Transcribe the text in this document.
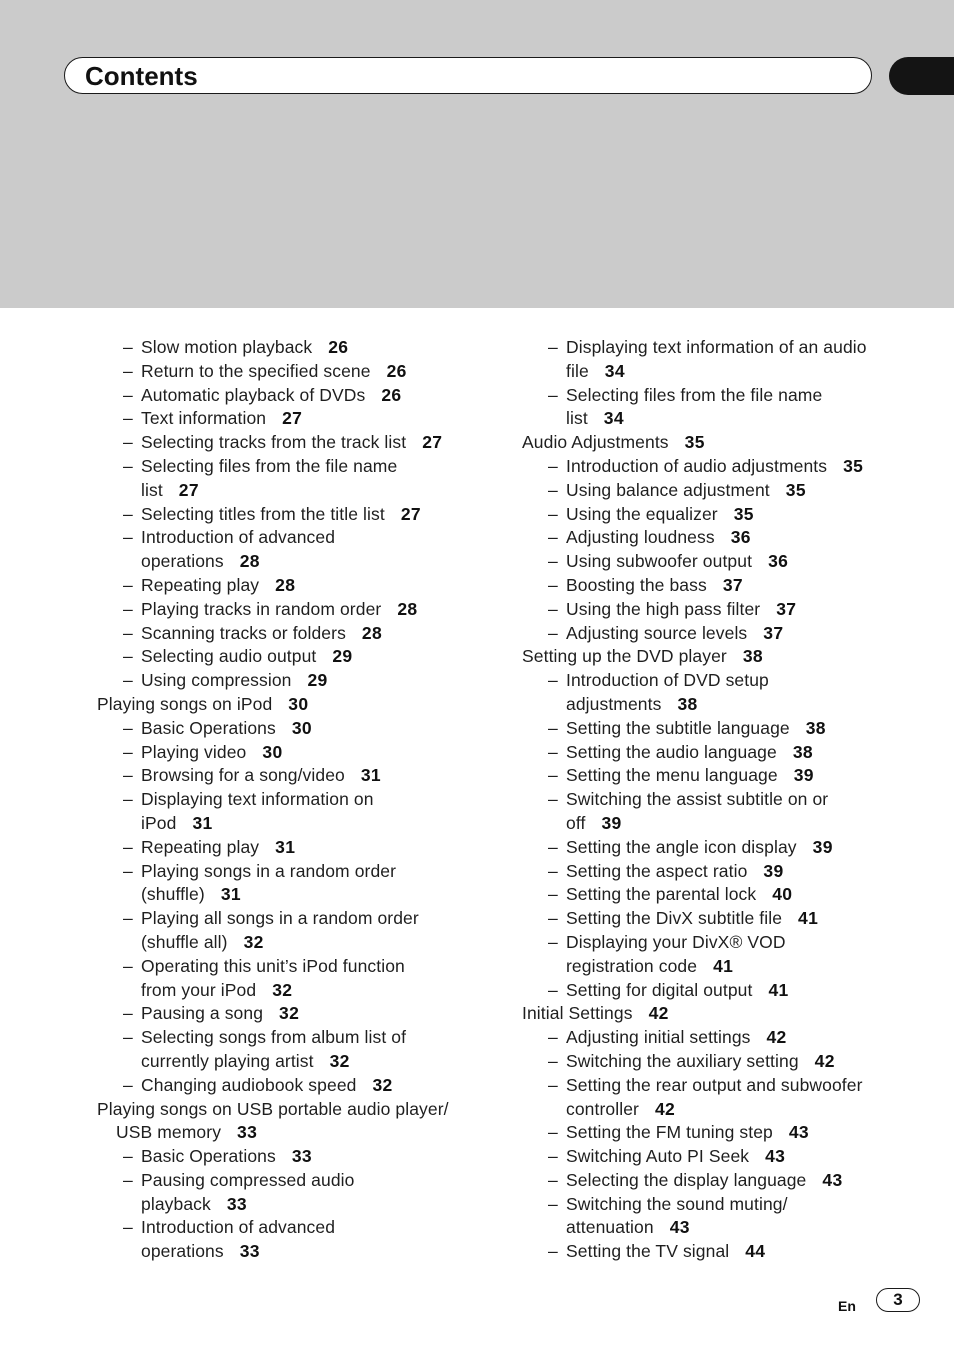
Contents
– Slow motion playback 26
– Return to the specified scene 26
– Automatic playback of DVDs 26
– Text information 27
– Selecting tracks from the track list 27
– Selecting files from the file name
list 27
– Selecting titles from the title list 27
– Introduction of advanced
operations 28
– Repeating play 28
– Playing tracks in random order 28
– Scanning tracks or folders 28
– Selecting audio output 29
– Using compression 29
Playing songs on iPod 30
– Basic Operations 30
– Playing video 30
– Browsing for a song/video 31
– Displaying text information on
iPod 31
– Repeating play 31
– Playing songs in a random order
(shuffle) 31
– Playing all songs in a random order
(shuffle all) 32
– Operating this unit’s iPod function
from your iPod 32
– Pausing a song 32
– Selecting songs from album list of
currently playing artist 32
– Changing audiobook speed 32
Playing songs on USB portable audio player/
USB memory 33
– Basic Operations 33
– Pausing compressed audio
playback 33
– Introduction of advanced
operations 33
– Displaying text information of an audio
file 34
– Selecting files from the file name
list 34
Audio Adjustments 35
– Introduction of audio adjustments 35
– Using balance adjustment 35
– Using the equalizer 35
– Adjusting loudness 36
– Using subwoofer output 36
– Boosting the bass 37
– Using the high pass filter 37
– Adjusting source levels 37
Setting up the DVD player 38
– Introduction of DVD setup
adjustments 38
– Setting the subtitle language 38
– Setting the audio language 38
– Setting the menu language 39
– Switching the assist subtitle on or
off 39
– Setting the angle icon display 39
– Setting the aspect ratio 39
– Setting the parental lock 40
– Setting the DivX subtitle file 41
– Displaying your DivX® VOD
registration code 41
– Setting for digital output 41
Initial Settings 42
– Adjusting initial settings 42
– Switching the auxiliary setting 42
– Setting the rear output and subwoofer
controller 42
– Setting the FM tuning step 43
– Switching Auto PI Seek 43
– Selecting the display language 43
– Switching the sound muting/
attenuation 43
– Setting the TV signal 44
En	3
